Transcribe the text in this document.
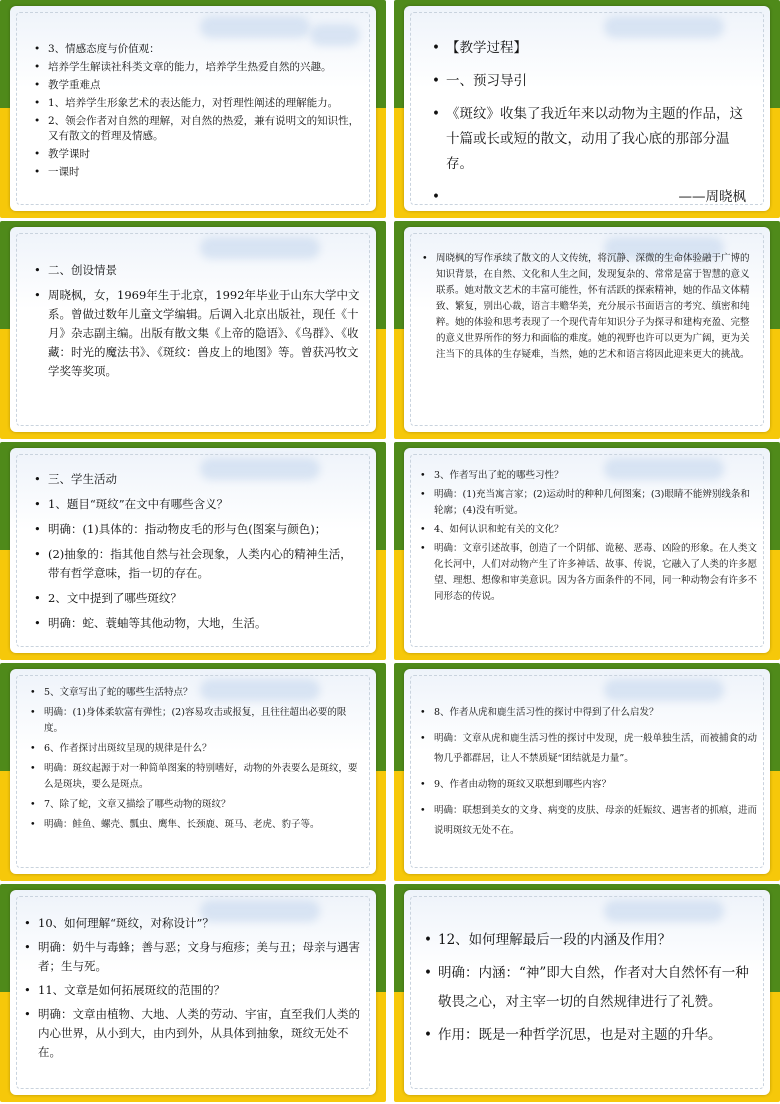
• 3、情感态度与价值观：
• 培养学生解读社科类文章的能力，培养学生热爱自然的兴趣。
• 教学重难点
• 1、培养学生形象艺术的表达能力，对哲理性阐述的理解能力。
• 2、领会作者对自然的理解，对自然的热爱，兼有说明文的知识性，又有散文的哲理及情感。
• 教学课时
• 一课时
• 【教学过程】
• 一、预习导引
• 《斑纹》收集了我近年来以动物为主题的作品，这十篇或长或短的散文，动用了我心底的那部分温存。
• ——周晓枫
• 二、创设情景
• 周晓枫，女，1969年生于北京，1992年毕业于山东大学中文系。曾做过数年儿童文学编辑。后调入北京出版社，现任《十月》杂志副主编。出版有散文集《上帝的隐语》、《鸟群》、《收藏：时光的魔法书》、《斑纹：兽皮上的地图》等。曾获冯牧文学奖等奖项。
• 周晓枫的写作承续了散文的人文传统，将沉静、深微的生命体验融于广博的知识背景，在自然、文化和人生之间，发现复杂的、常常是富于智慧的意义联系。她对散文艺术的丰富可能性，怀有活跃的探索精神，她的作品文体精致、繁复，别出心裁，语言丰赡华美，充分展示书面语言的考究、缜密和纯粹。她的体验和思考表现了一个现代青年知识分子为探寻和建构充盈、完整的意义世界所作的努力和面临的难度。她的视野也许可以更为广阔，更为关注当下的具体的生存疑难，当然，她的艺术和语言将因此迎来更大的挑战。
• 三、学生活动
• 1、题目“斑纹”在文中有哪些含义？
• 明确：(1)具体的：指动物皮毛的形与色(图案与颜色)；
• (2)抽象的：指其他自然与社会现象，人类内心的精神生活，带有哲学意味，指一切的存在。
• 2、文中提到了哪些斑纹？
• 明确：蛇、蓑蚰等其他动物，大地，生活。
• 3、作者写出了蛇的哪些习性？
• 明确：(1)充当寓言家；(2)运动时的种种几何图案；(3)眼睛不能辨别线条和轮廓；(4)没有听觉。
• 4、如何认识和蛇有关的文化？
• 明确：文章引述故事，创造了一个阴郁、诡秘、恶毒、凶险的形象。在人类文化长河中，人们对动物产生了许多神话、故事、传说，它融入了人类的许多愿望、理想、想像和审美意识。因为各方面条件的不同，同一种动物会有许多不同形态的传说。
• 5、文章写出了蛇的哪些生活特点？
• 明确：(1)身体柔软富有弹性；(2)容易攻击或报复，且往往超出必要的限度。
• 6、作者探讨出斑纹呈现的规律是什么？
• 明确：斑纹起源于对一种简单图案的特别嗜好，动物的外表要么是斑纹，要么是斑块，要么是斑点。
• 7、除了蛇，文章又描绘了哪些动物的斑纹？
• 明确：鲑鱼、螺壳、瓢虫、鹰隼、长颈鹿、斑马、老虎、豹子等。
• 8、作者从虎和鹿生活习性的探讨中得到了什么启发？
• 明确：文章从虎和鹿生活习性的探讨中发现，虎一般单独生活，而被捕食的动物几乎都群居，让人不禁质疑“团结就是力量”。
• 9、作者由动物的斑纹又联想到哪些内容？
• 明确：联想到美女的文身、病变的皮肤、母亲的妊娠纹、遇害者的抓痕，进而说明斑纹无处不在。
• 10、如何理解“斑纹，对称设计”？
• 明确：奶牛与毒蜂；善与恶；文身与疱疹；美与丑；母亲与遇害者；生与死。
• 11、文章是如何拓展斑纹的范围的？
• 明确：文章由植物、大地、人类的劳动、宇宙，直至我们人类的内心世界，从小到大，由内到外，从具体到抽象，斑纹无处不在。
• 12、如何理解最后一段的内涵及作用？
• 明确：内涵：“神”即大自然，作者对大自然怀有一种敬畏之心，对主宰一切的自然规律进行了礼赞。
• 作用：既是一种哲学沉思，也是对主题的升华。
